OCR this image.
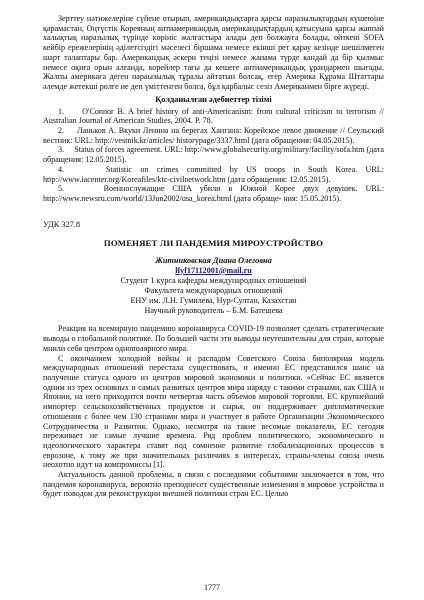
Зерттеу нәтижелеріне сүйене отырып, американдықтарға қарсы наразылықтардың күшеюіне қарамастан, Оңтүстік Кореяның антиамерикандық американдықтардың қатысуына қарсы жаппай халықтық наразылық түрінде көрініс жалғастыра алады деп болжауға болады, өйткені SOFA кейбір ережелерінің әділетсіздігі мәселесі біршама немесе екінші рет қарау кезінде шешілмеген шарт талаптары бар. Американдық әскери теңізі немесе жанама түрде кандай да бір қылмыс немесе оқиға орын алғанда, корейлер тағы да кешеге антиамерикандық ұрандармен шығады. Жалпы америкаға деген нараызылық тұралы айтатын болсақ, егер Америка Құрама Штаттары әлемде жетекші рөлге ие деп үміттенген болса, бұл қарбалыс сезіз Американмен бірге жүреді.

Қолданылған әдебиеттер тізімі

1.     O'Connor B. A brief history of anti-Americanism: from cultural criticism to terrorism // Australian Journal of American Studies, 2004. P. 78.

2.     Ланьков А. Вкуки Ленина на берегах Хангана: Корейское левое движение // Сеульский вестник: URL: http://vestnik.kr/articles/ historypage/3337.html (дата обращения: 04.05.2015).

3.     Status of forces agreement. URL: http://www.globalsecurity.org/military/facility/sofa.htm (дата обращения: 12.05.2015).

4.     Statistic on crimes committed by US troops in South Korea. URL: http://www.iacenter.org/Koreafiles/ktc-civilnetwork.htm (дата обращения: 12.05.2015).

5.     Военнослужащие США убили в Южной Корее двух девушек. URL: http://www.newsru.com/world/13Jun2002/usa_korea.html (дата обраще- ния: 15.05.2015).

УДК 327.8
ПОМЕНЯЕТ ЛИ ПАНДЕМИЯ МИРОУСТРОЙСТВО
Житниковская Диана Олеговна
lfyf17112001@mail.ru
Студент 1 курса кафедры международных отношений
Факультета международных отношений
ЕНУ им. Л.Н. Гумилева, Нур-Султан, Казахстан
Научный руководитель – Б.М. Батешева

Реакция на всемирную пандемию коронавируса COVID-19 позволяет сделать стратегические выводы о глобальной политике. По большей части эти выводы неутешительны для стран, которые мнили себя центром однополярного мира.

С окончанием холодной войны и распадом Советского Союза биполярная модель международных отношений перестала существовать, и именно ЕС представился шанс на получение статуса одного из центров мировой экономики и политики. «Сейчас ЕС является одним из трех основных и самых развитых центров мира наряду с такими странами, как США и Японии, на него приходится почти четвертая часть объемов мировой торговли. ЕС крупнейший импортер сельскохозяйственных продуктов и сырья, он поддерживает дипломатические отношения с более чем 130 странами мира и участвует в работе Организации Экономического Сотрудничества и Развития. Однако, несмотря на такие весомые показатели, ЕС сегодня переживает не самые лучшие времена. Ряд проблем политического, экономического и идеологического характера ставят под сомнение развитие глобализационных процессов в еврозоне, к тому же при значительных различиях в интересах, страны-члены союза очень неохотно идут на компромиссы [1].

Актуальность данной проблемы, в связи с последними событиями заключается в том, что пандемия коронавируса, вероятно преподнесет существенные изменения в мировое устройства и будет поводом для реконструкции внешней политики стран ЕС. Целью

1777
